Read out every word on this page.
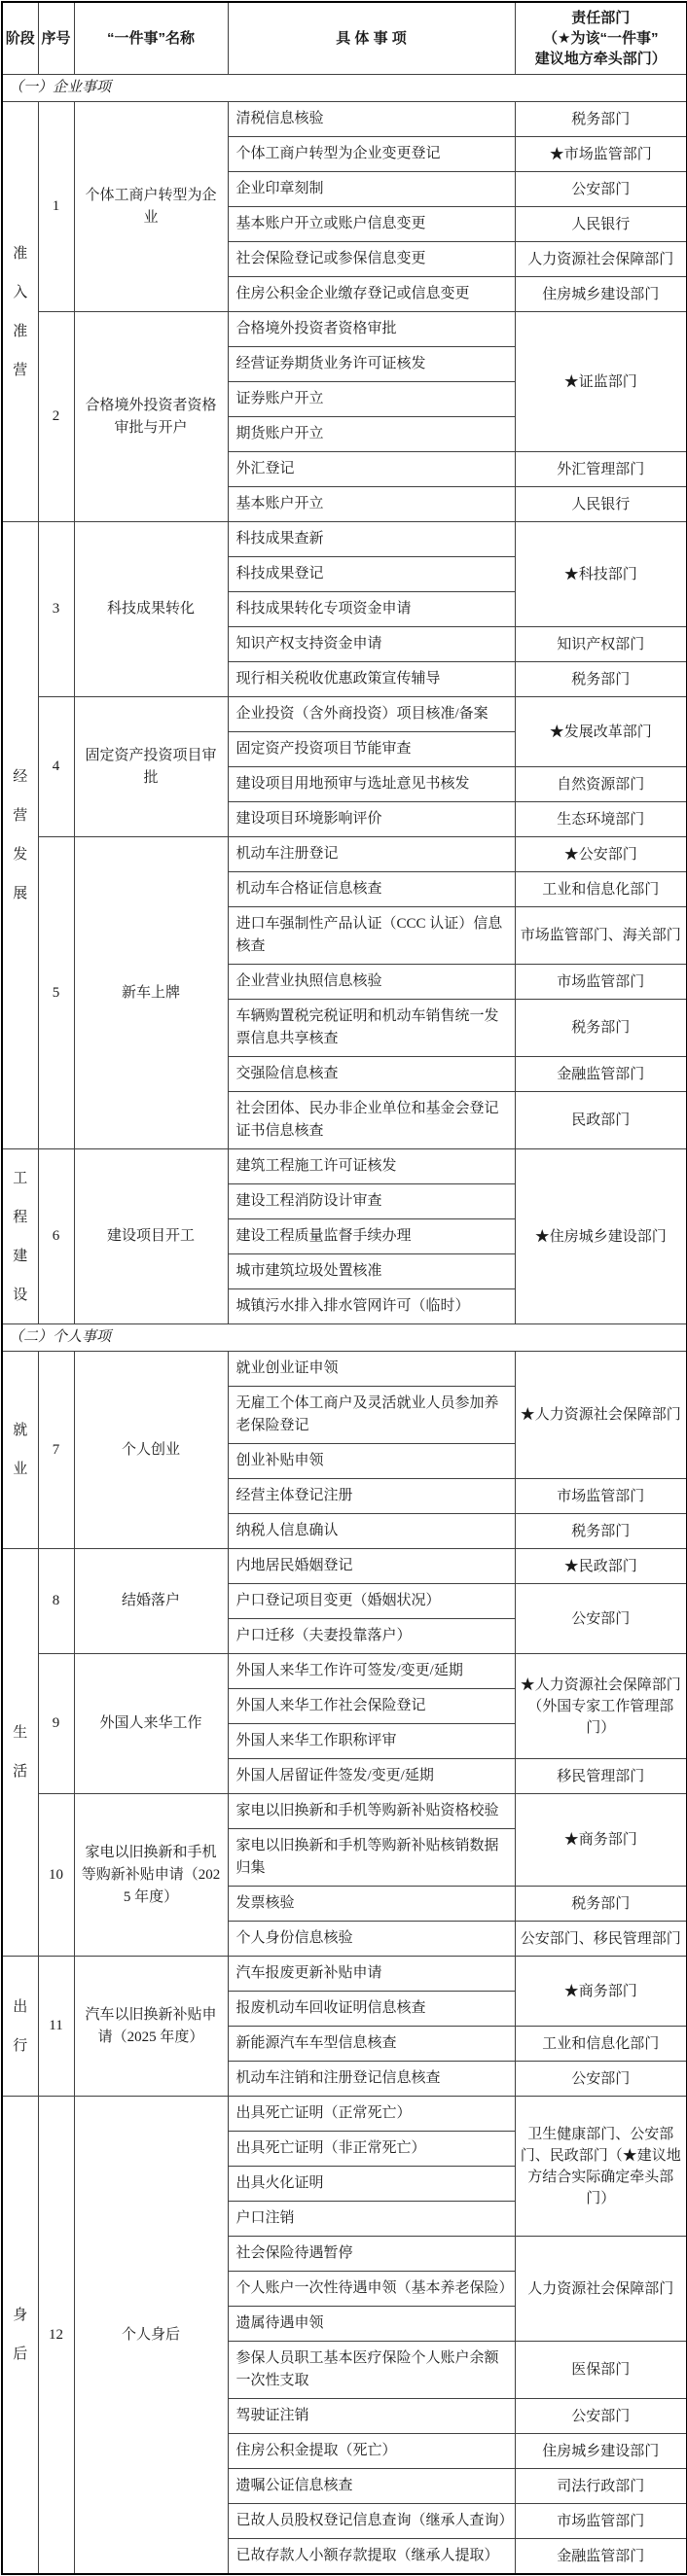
阶段	序号	“一件事”名称	具 体 事 项	责任部门
（★为该“一件事”
建议地方牵头部门）

（一）企业事项				

准
入
准
营	1	个体工商户转型为企业	清税信息核验	税务部门
			个体工商户转型为企业变更登记	★市场监管部门
			企业印章刻制	公安部门
			基本账户开立或账户信息变更	人民银行
			社会保险登记或参保信息变更	人力资源社会保障部门
			住房公积金企业缴存登记或信息变更	住房城乡建设部门
	2	合格境外投资者资格审批与开户	合格境外投资者资格审批	★证监部门
			经营证券期货业务许可证核发	
			证券账户开立	
			期货账户开立	
			外汇登记	外汇管理部门
			基本账户开立	人民银行

经
营
发
展	3	科技成果转化	科技成果查新	★科技部门
			科技成果登记	
			科技成果转化专项资金申请	
			知识产权支持资金申请	知识产权部门
			现行相关税收优惠政策宣传辅导	税务部门
	4	固定资产投资项目审批	企业投资（含外商投资）项目核准/备案	★发展改革部门
			固定资产投资项目节能审查	
			建设项目用地预审与选址意见书核发	自然资源部门
			建设项目环境影响评价	生态环境部门
	5	新车上牌	机动车注册登记	★公安部门
			机动车合格证信息核查	工业和信息化部门
			进口车强制性产品认证（CCC 认证）信息核查	市场监管部门、海关部门
			企业营业执照信息核验	市场监管部门
			车辆购置税完税证明和机动车销售统一发票信息共享核查	税务部门
			交强险信息核查	金融监管部门
			社会团体、民办非企业单位和基金会登记证书信息核查	民政部门

工
程
建
设	6	建设项目开工	建筑工程施工许可证核发	★住房城乡建设部门
			建设工程消防设计审查	
			建设工程质量监督手续办理	
			城市建筑垃圾处置核准	
			城镇污水排入排水管网许可（临时）	
（二）个人事项				

就
业	7	个人创业	就业创业证申领	★人力资源社会保障部门
			无雇工个体工商户及灵活就业人员参加养老保险登记	
			创业补贴申领	
			经营主体登记注册	市场监管部门
			纳税人信息确认	税务部门

生
活	8	结婚落户	内地居民婚姻登记	★民政部门
			户口登记项目变更（婚姻状况）	公安部门
			户口迁移（夫妻投靠落户）	
	9	外国人来华工作	外国人来华工作许可签发/变更/延期	★人力资源社会保障部门（外国专家工作管理部门）
			外国人来华工作社会保险登记	
			外国人来华工作职称评审	
			外国人居留证件签发/变更/延期	移民管理部门
	10	家电以旧换新和手机等购新补贴申请（2025 年度）	家电以旧换新和手机等购新补贴资格校验	★商务部门
			家电以旧换新和手机等购新补贴核销数据归集	
			发票核验	税务部门
			个人身份信息核验	公安部门、移民管理部门

出
行	11	汽车以旧换新补贴申请（2025 年度）	汽车报废更新补贴申请	★商务部门
			报废机动车回收证明信息核查	
			新能源汽车车型信息核查	工业和信息化部门
			机动车注销和注册登记信息核查	公安部门

身
后	12	个人身后	出具死亡证明（正常死亡）	卫生健康部门、公安部门、民政部门（★建议地方结合实际确定牵头部门）
			出具死亡证明（非正常死亡）	
			出具火化证明	
			户口注销	
			社会保险待遇暂停	人力资源社会保障部门
			个人账户一次性待遇申领（基本养老保险）	
			遗属待遇申领	
			参保人员职工基本医疗保险个人账户余额一次性支取	医保部门
			驾驶证注销	公安部门
			住房公积金提取（死亡）	住房城乡建设部门
			遗嘱公证信息核查	司法行政部门
			已故人员股权登记信息查询（继承人查询）	市场监管部门
			已故存款人小额存款提取（继承人提取）	金融监管部门
